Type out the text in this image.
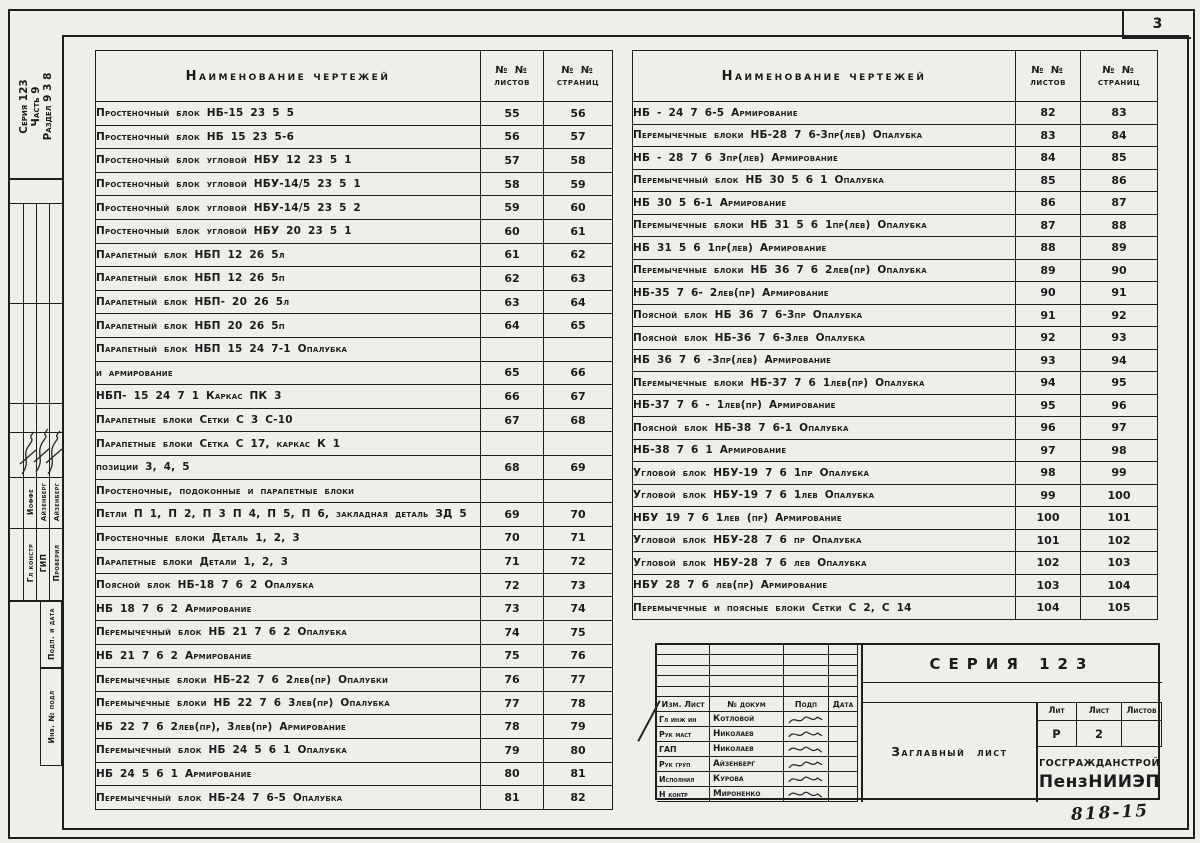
3
Серия 123 Часть 9 Раздел 9 3 8
Гл констр
Иоффе
ГИП
Айзенберг
Проверил
Айзенберг
Подп. и дата
Инв. № подл
Наименование чертежей	№ №
листов

№ №
страниц

Простеночный блок НБ-15 23 5 5	55	56
Простеночный блок НБ 15 23 5-6	56	57
Простеночный блок угловой НБУ 12 23 5 1	57	58
Простеночный блок угловой НБУ-14/5 23 5 1	58	59
Простеночный блок угловой НБУ-14/5 23 5 2	59	60
Простеночный блок угловой НБУ 20 23 5 1	60	61
Парапетный блок НБП 12 26 5л	61	62
Парапетный блок НБП 12 26 5п	62	63
Парапетный блок НБП- 20 26 5л	63	64
Парапетный блок НБП 20 26 5п	64	65
Парапетный блок НБП 15 24 7-1 Опалубка		
и армирование	65	66
НБП- 15 24 7 1 Каркас ПК 3	66	67
Парапетные блоки Сетки С 3 С-10	67	68
Парапетные блоки Сетка С 17, каркас К 1		
позиции 3, 4, 5	68	69
Простеночные, подоконные и парапетные блоки		
Петли П 1, П 2, П 3 П 4, П 5, П 6, закладная деталь ЗД 5	69	70
Простеночные блоки Деталь 1, 2, 3	70	71
Парапетные блоки Детали 1, 2, 3	71	72
Поясной блок НБ-18 7 6 2 Опалубка	72	73
НБ 18 7 6 2 Армирование	73	74
Перемычечный блок НБ 21 7 6 2 Опалубка	74	75
НБ 21 7 6 2 Армирование	75	76
Перемычечные блоки НБ-22 7 6 2лев(пр) Опалубки	76	77
Перемычечные блоки НБ 22 7 6 3лев(пр) Опалубка	77	78
НБ 22 7 6 2лев(пр), 3лев(пр) Армирование	78	79
Перемычечный блок НБ 24 5 6 1 Опалубка	79	80
НБ 24 5 6 1 Армирование	80	81
Перемычечный блок НБ-24 7 6-5 Опалубка	81	82
Наименование чертежей	№ №
листов

№ №
страниц

НБ - 24 7 6-5 Армирование	82	83
Перемычечные блоки НБ-28 7 6-3пр(лев) Опалубка	83	84
НБ - 28 7 6 3пр(лев) Армирование	84	85
Перемычечный блок НБ 30 5 6 1 Опалубка	85	86
НБ 30 5 6-1 Армирование	86	87
Перемычечные блоки НБ 31 5 6 1пр(лев) Опалубка	87	88
НБ 31 5 6 1пр(лев) Армирование	88	89
Перемычечные блоки НБ 36 7 6 2лев(пр) Опалубка	89	90
НБ-35 7 6- 2лев(пр) Армирование	90	91
Поясной блок НБ 36 7 6-3пр Опалубка	91	92
Поясной блок НБ-36 7 6-3лев Опалубка	92	93
НБ 36 7 6 -3пр(лев) Армирование	93	94
Перемычечные блоки НБ-37 7 6 1лев(пр) Опалубка	94	95
НБ-37 7 6 - 1лев(пр) Армирование	95	96
Поясной блок НБ-38 7 6-1 Опалубка	96	97
НБ-38 7 6 1 Армирование	97	98
Угловой блок НБУ-19 7 6 1пр Опалубка	98	99
Угловой блок НБУ-19 7 6 1лев Опалубка	99	100
НБУ 19 7 6 1лев (пр) Армирование	100	101
Угловой блок НБУ-28 7 6 пр Опалубка	101	102
Угловой блок НБУ-28 7 6 лев Опалубка	102	103
НБУ 28 7 6 лев(пр) Армирование	103	104
Перемычечные и поясные блоки Сетки С 2, С 14	104	105
Изм. Лист	№ докум	Подп	Дата
Гл инж ин	Котловой
Рук маст	Николаев
ГАП	Николаев
Рук груп	Айзенберг
Исполнил	Курова
Н контр	Мироненко
СЕРИЯ 123
Заглавный лист
Лит	Лист	Листов
Р	2
ГОСГРАЖДАНСТРОЙ
ПензНИИЭП
818-15
